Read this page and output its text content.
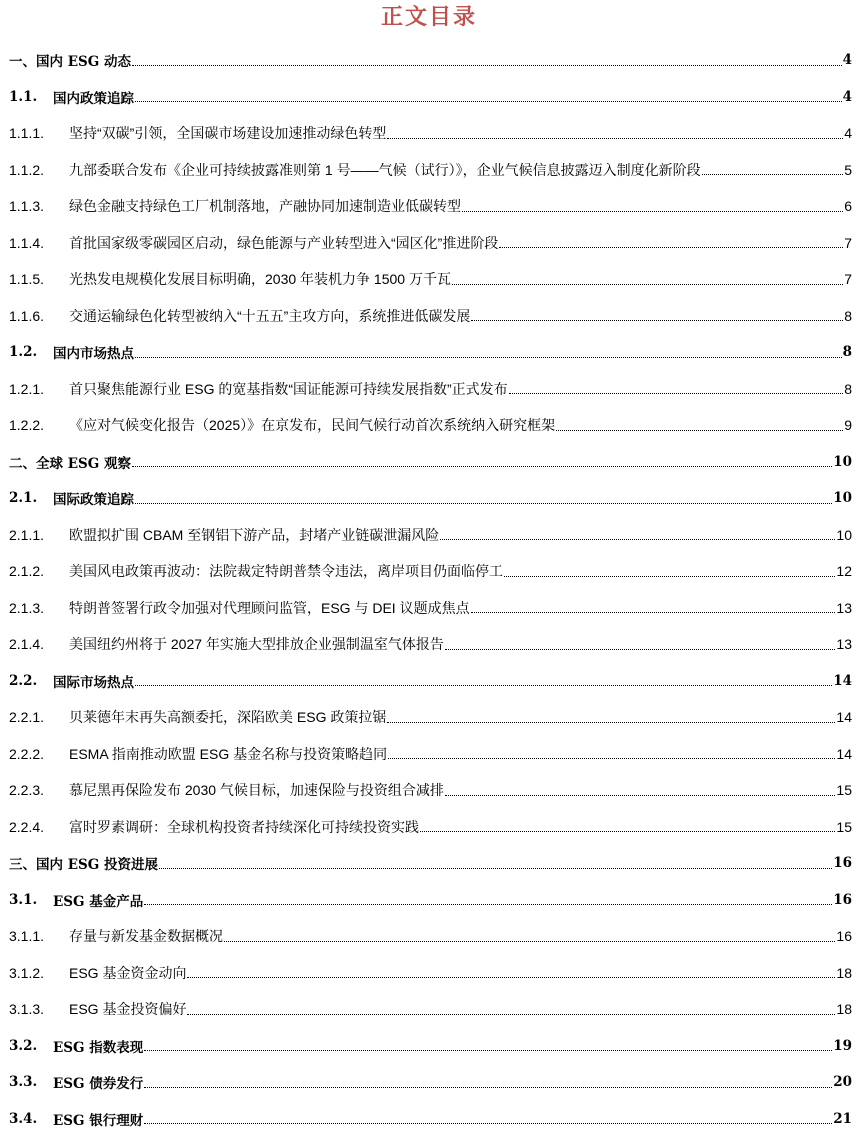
正文目录
一、国内 ESG 动态	4
1.1.	国内政策追踪	4
1.1.1.	坚持“双碳”引领，全国碳市场建设加速推动绿色转型	4
1.1.2.	九部委联合发布《企业可持续披露准则第 1 号——气候（试行）》，企业气候信息披露迈入制度化新阶段	5
1.1.3.	绿色金融支持绿色工厂机制落地，产融协同加速制造业低碳转型	6
1.1.4.	首批国家级零碳园区启动，绿色能源与产业转型进入“园区化”推进阶段	7
1.1.5.	光热发电规模化发展目标明确，2030 年装机力争 1500 万千瓦	7
1.1.6.	交通运输绿色化转型被纳入“十五五”主攻方向，系统推进低碳发展	8
1.2.	国内市场热点	8
1.2.1.	首只聚焦能源行业 ESG 的宽基指数“国证能源可持续发展指数”正式发布	8
1.2.2.	《应对气候变化报告（2025）》在京发布，民间气候行动首次系统纳入研究框架	9
二、全球 ESG 观察	10
2.1.	国际政策追踪	10
2.1.1.	欧盟拟扩围 CBAM 至钢铝下游产品，封堵产业链碳泄漏风险	10
2.1.2.	美国风电政策再波动：法院裁定特朗普禁令违法，离岸项目仍面临停工	12
2.1.3.	特朗普签署行政令加强对代理顾问监管，ESG 与 DEI 议题成焦点	13
2.1.4.	美国纽约州将于 2027 年实施大型排放企业强制温室气体报告	13
2.2.	国际市场热点	14
2.2.1.	贝莱德年末再失高额委托，深陷欧美 ESG 政策拉锯	14
2.2.2.	ESMA 指南推动欧盟 ESG 基金名称与投资策略趋同	14
2.2.3.	慕尼黑再保险发布 2030 气候目标，加速保险与投资组合减排	15
2.2.4.	富时罗素调研：全球机构投资者持续深化可持续投资实践	15
三、国内 ESG 投资进展	16
3.1.	ESG 基金产品	16
3.1.1.	存量与新发基金数据概况	16
3.1.2.	ESG 基金资金动向	18
3.1.3.	ESG 基金投资偏好	18
3.2.	ESG 指数表现	19
3.3.	ESG 债券发行	20
3.4.	ESG 银行理财	21
